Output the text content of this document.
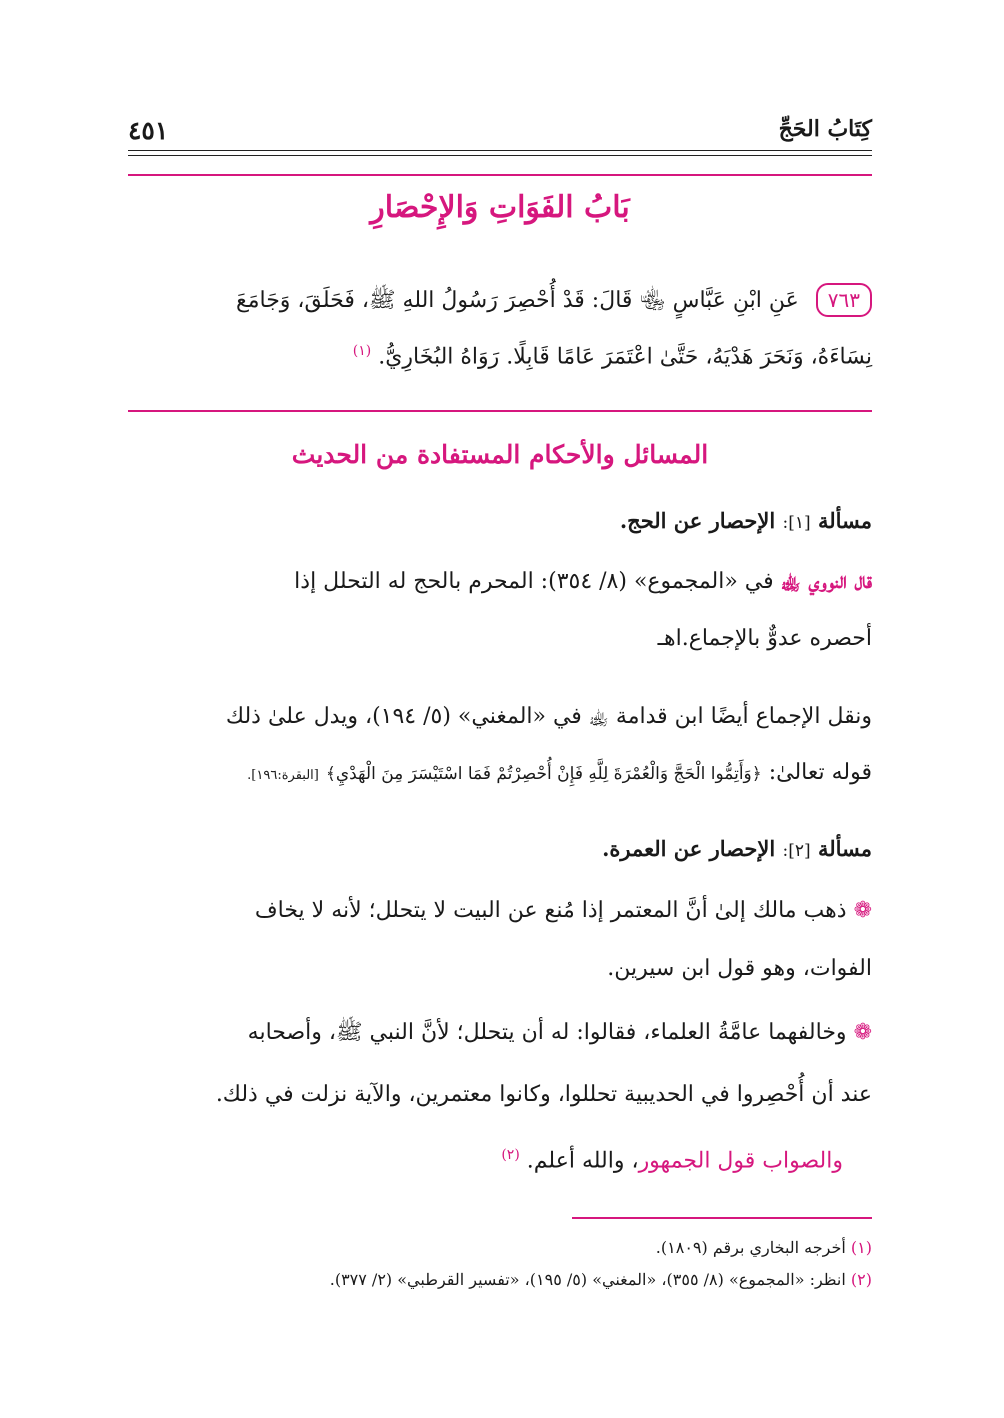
٤٥١	كِتَابُ الحَجِّ
بَابُ الفَوَاتِ وَالإِحْصَارِ
٧٦٣ عَنِ ابْنِ عَبَّاسٍ ﵄ قَالَ: قَدْ أُحْصِرَ رَسُولُ اللهِ ﷺ، فَحَلَقَ، وَجَامَعَ
نِسَاءَهُ، وَنَحَرَ هَدْيَهُ، حَتَّىٰ اعْتَمَرَ عَامًا قَابِلًا. رَوَاهُ البُخَارِيُّ. $^{(١)}$
المسائل والأحكام المستفادة من الحديث
مسألة [١]: الإحصار عن الحج.
قال النووي ﵀ في «المجموع» (٨/ ٣٥٤): المحرم بالحج له التحلل إذا
أحصره عدوٌّ بالإجماع.اهـ
ونقل الإجماع أيضًا ابن قدامة ﵀ في «المغني» (٥/ ١٩٤)، ويدل علىٰ ذلك
قوله تعالىٰ: ﴿وَأَتِمُّوا الْحَجَّ وَالْعُمْرَةَ لِلَّهِ فَإِنْ أُحْصِرْتُمْ فَمَا اسْتَيْسَرَ مِنَ الْهَدْيِ﴾ [البقرة:١٩٦].
مسألة [٢]: الإحصار عن العمرة.
❁ ذهب مالك إلىٰ أنَّ المعتمر إذا مُنع عن البيت لا يتحلل؛ لأنه لا يخاف
الفوات، وهو قول ابن سيرين.
❁ وخالفهما عامَّةُ العلماء، فقالوا: له أن يتحلل؛ لأنَّ النبي ﷺ، وأصحابه
عند أن أُحْصِروا في الحديبية تحللوا، وكانوا معتمرين، والآية نزلت في ذلك.
والصواب قول الجمهور، والله أعلم. $^{(٢)}$
(١) أخرجه البخاري برقم (١٨٠٩).
(٢) انظر: «المجموع» (٨/ ٣٥٥)، «المغني» (٥/ ١٩٥)، «تفسير القرطبي» (٢/ ٣٧٧).
